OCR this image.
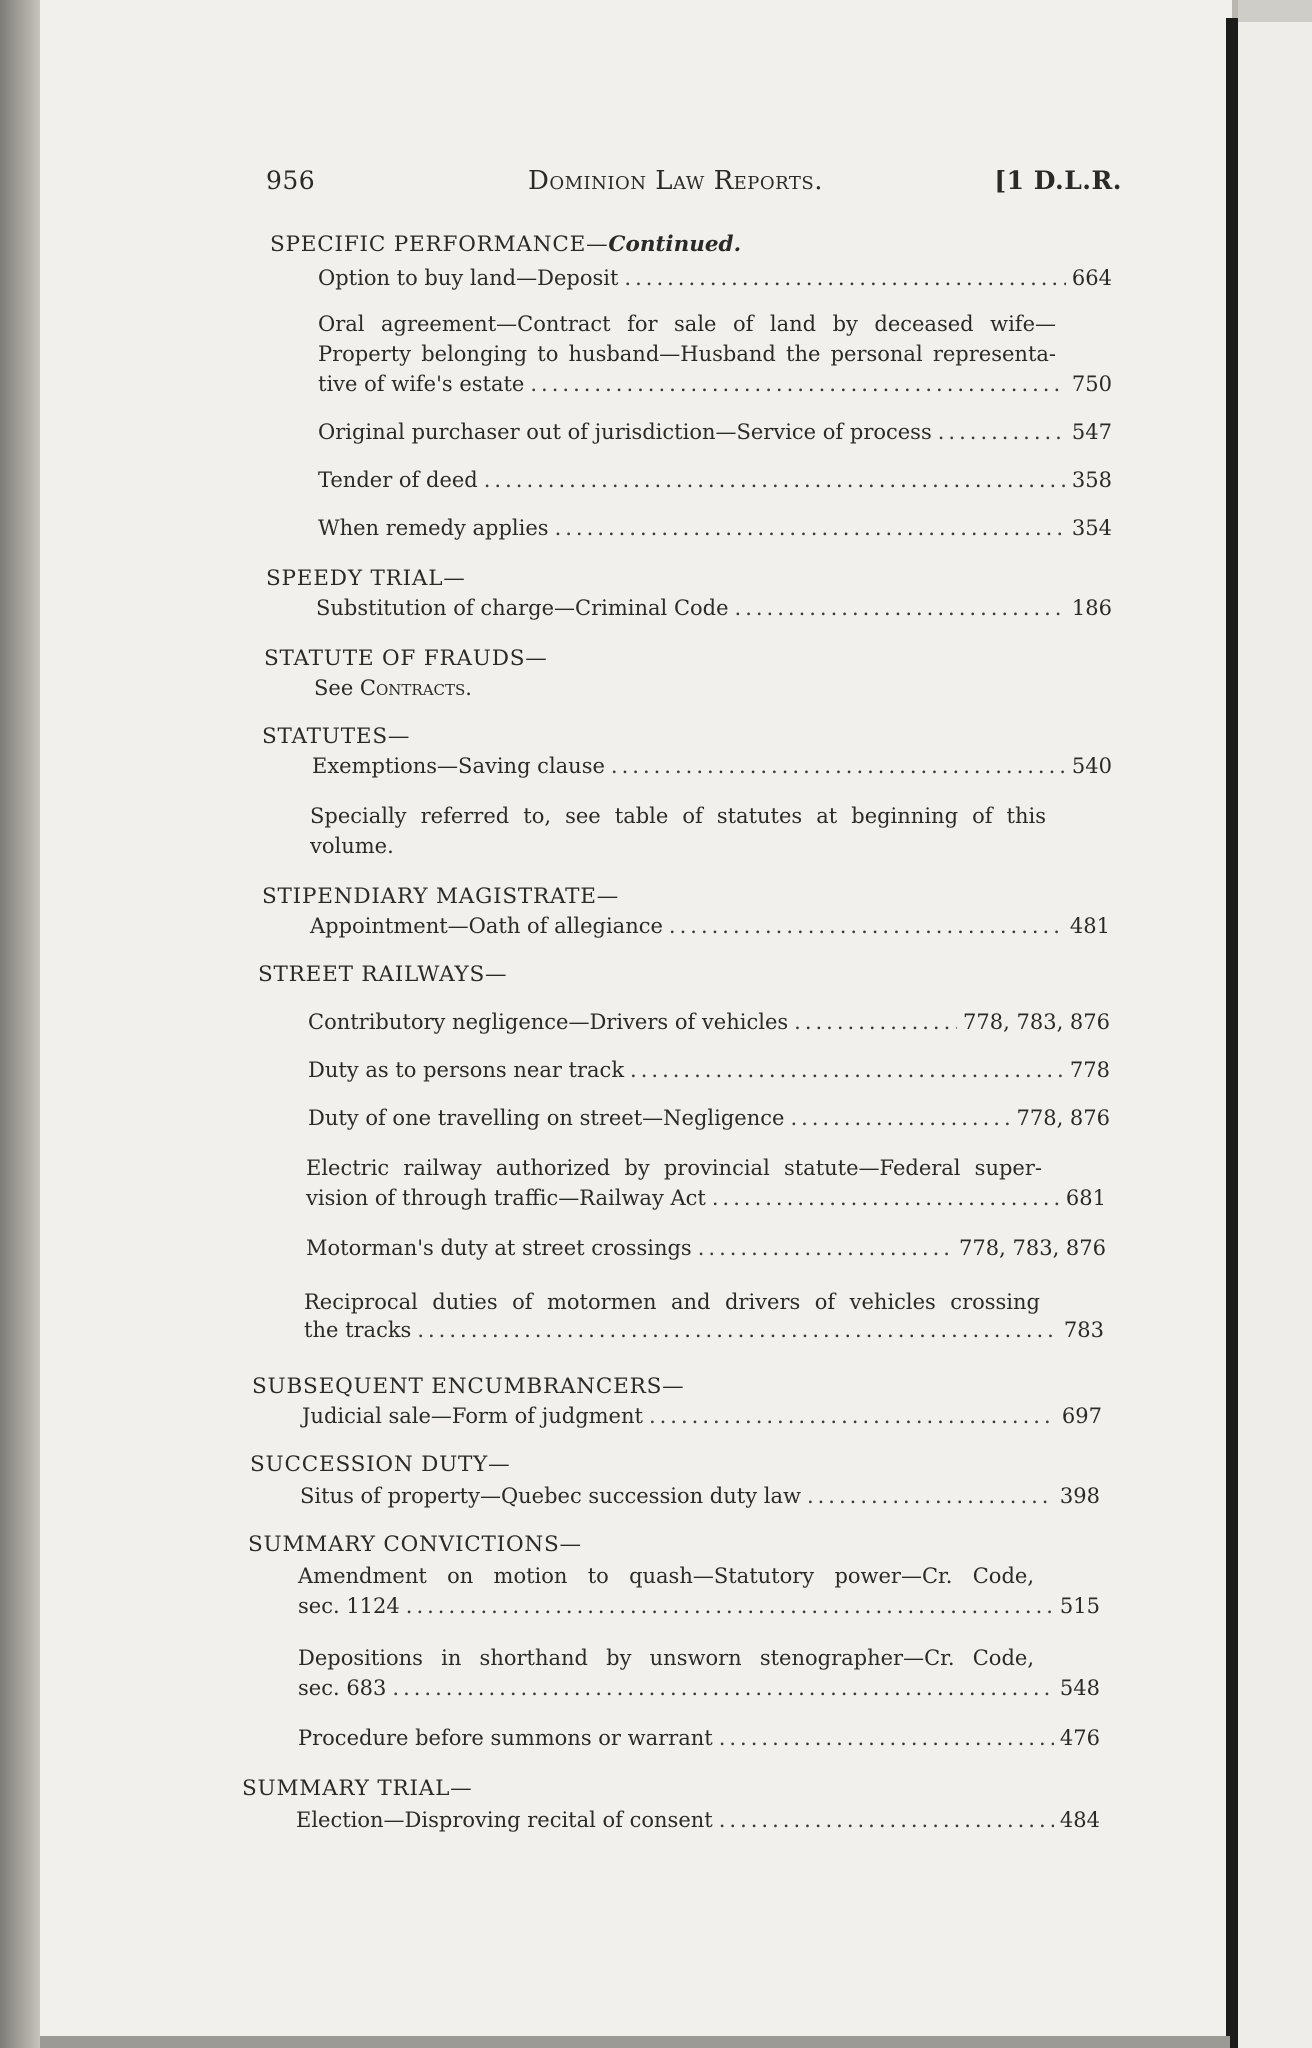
956	Dominion Law Reports.	[1 D.L.R.
SPECIFIC PERFORMANCE—Continued.
Option to buy land—Deposit .....	664
Oral agreement—Contract for sale of land by deceased wife—
Property belonging to husband—Husband the personal representa-
tive of wife's estate .....	750
Original purchaser out of jurisdiction—Service of process .....	547
Tender of deed .....	358
When remedy applies .....	354
SPEEDY TRIAL—
Substitution of charge—Criminal Code .....	186
STATUTE OF FRAUDS—
See Contracts.
STATUTES—
Exemptions—Saving clause .....	540
Specially referred to, see table of statutes at beginning of this
volume.
STIPENDIARY MAGISTRATE—
Appointment—Oath of allegiance .....	481
STREET RAILWAYS—
Contributory negligence—Drivers of vehicles .....	778, 783, 876
Duty as to persons near track .....	778
Duty of one travelling on street—Negligence .....	778, 876
Electric railway authorized by provincial statute—Federal super-
vision of through traffic—Railway Act .....	681
Motorman's duty at street crossings .....	778, 783, 876
Reciprocal duties of motormen and drivers of vehicles crossing
the tracks .....	783
SUBSEQUENT ENCUMBRANCERS—
Judicial sale—Form of judgment .....	697
SUCCESSION DUTY—
Situs of property—Quebec succession duty law .....	398
SUMMARY CONVICTIONS—
Amendment on motion to quash—Statutory power—Cr. Code,
sec. 1124 .....	515
Depositions in shorthand by unsworn stenographer—Cr. Code,
sec. 683 .....	548
Procedure before summons or warrant .....	476
SUMMARY TRIAL—
Election—Disproving recital of consent .....	484
